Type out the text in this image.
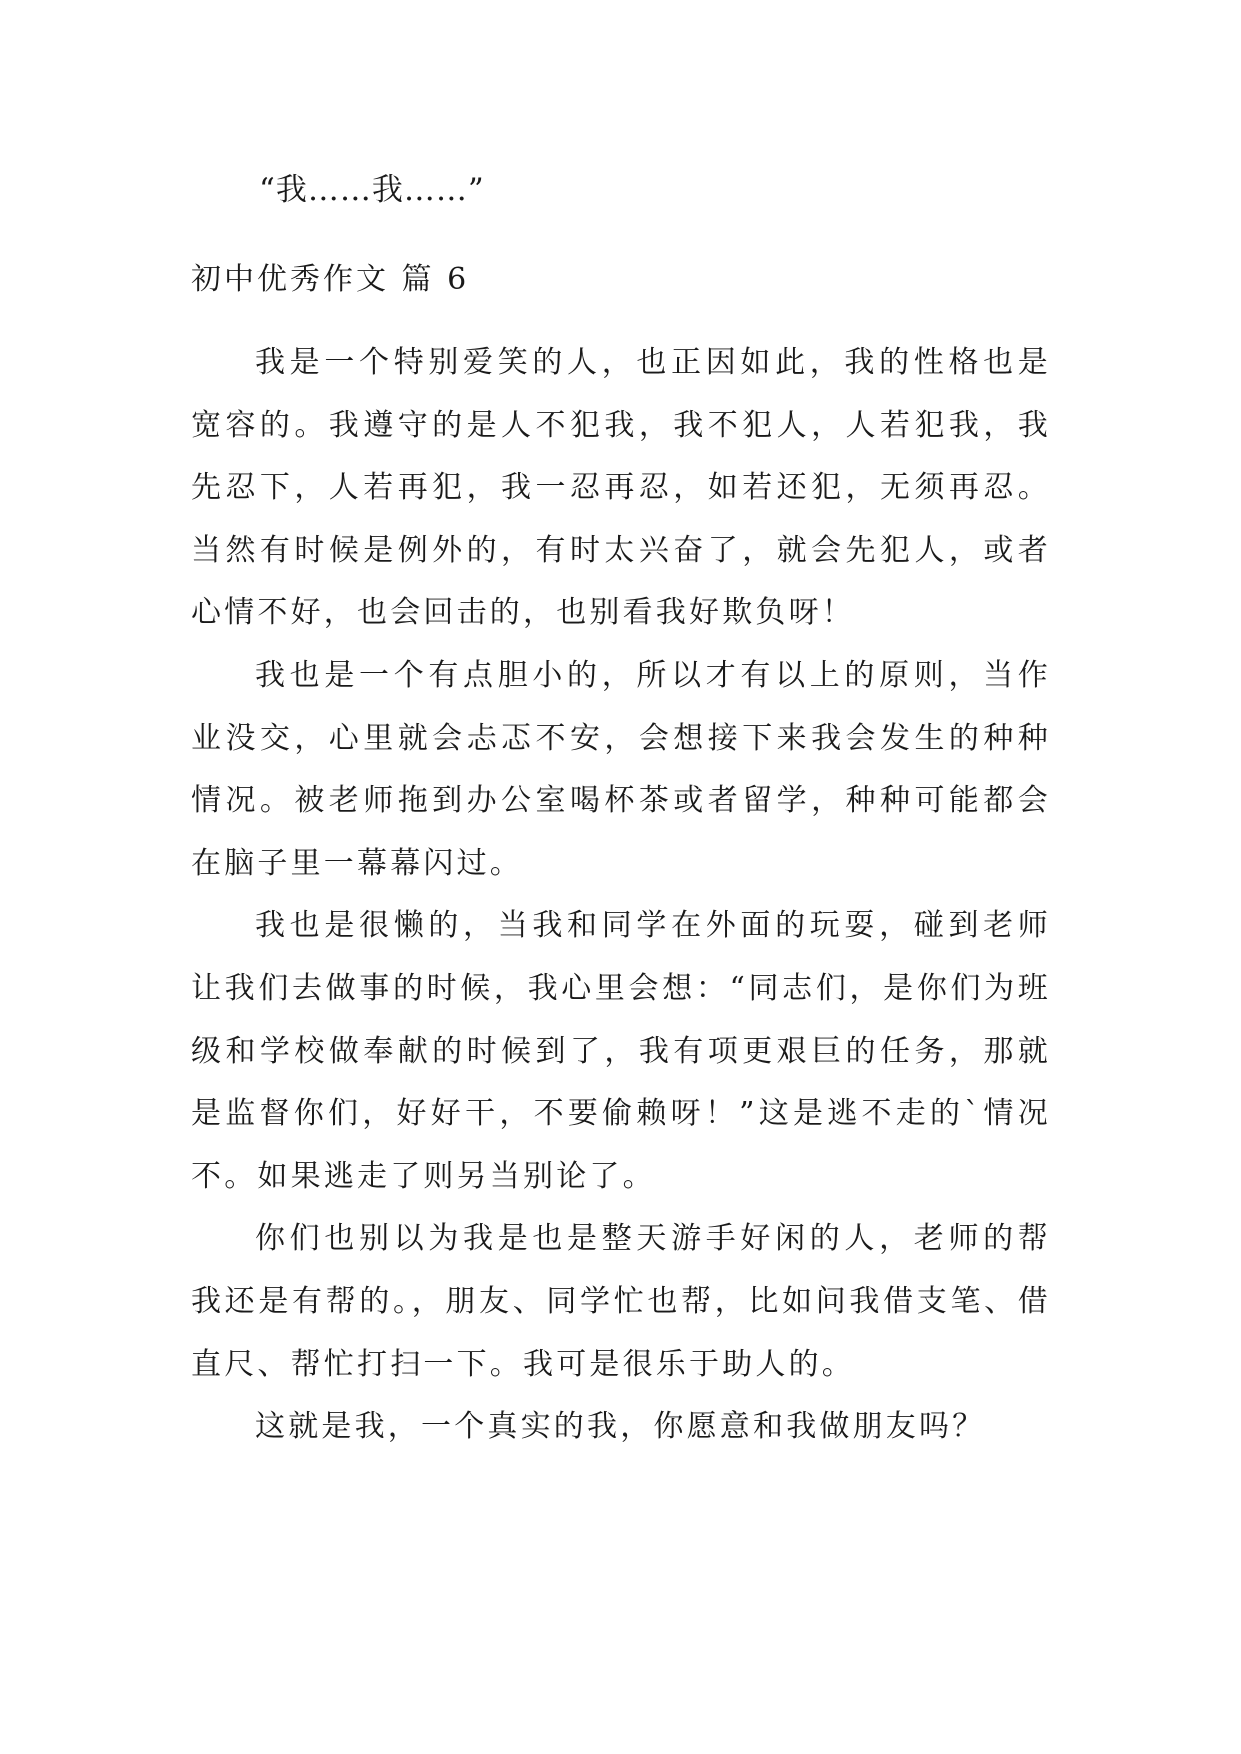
“我……我……”
初中优秀作文 篇 6

我是一个特别爱笑的人，也正因如此，我的性格也是宽容的。我遵守的是人不犯我，我不犯人，人若犯我，我先忍下，人若再犯，我一忍再忍，如若还犯，无须再忍。当然有时候是例外的，有时太兴奋了，就会先犯人，或者心情不好，也会回击的，也别看我好欺负呀！

我也是一个有点胆小的，所以才有以上的原则，当作业没交，心里就会忐忑不安，会想接下来我会发生的种种情况。被老师拖到办公室喝杯茶或者留学，种种可能都会在脑子里一幕幕闪过。

我也是很懒的，当我和同学在外面的玩耍，碰到老师让我们去做事的时候，我心里会想：“同志们，是你们为班级和学校做奉献的时候到了，我有项更艰巨的任务，那就是监督你们，好好干，不要偷赖呀！”这是逃不走的`情况不。如果逃走了则另当别论了。

你们也别以为我是也是整天游手好闲的人，老师的帮我还是有帮的。，朋友、同学忙也帮，比如问我借支笔、借直尺、帮忙打扫一下。我可是很乐于助人的。

这就是我，一个真实的我，你愿意和我做朋友吗？
